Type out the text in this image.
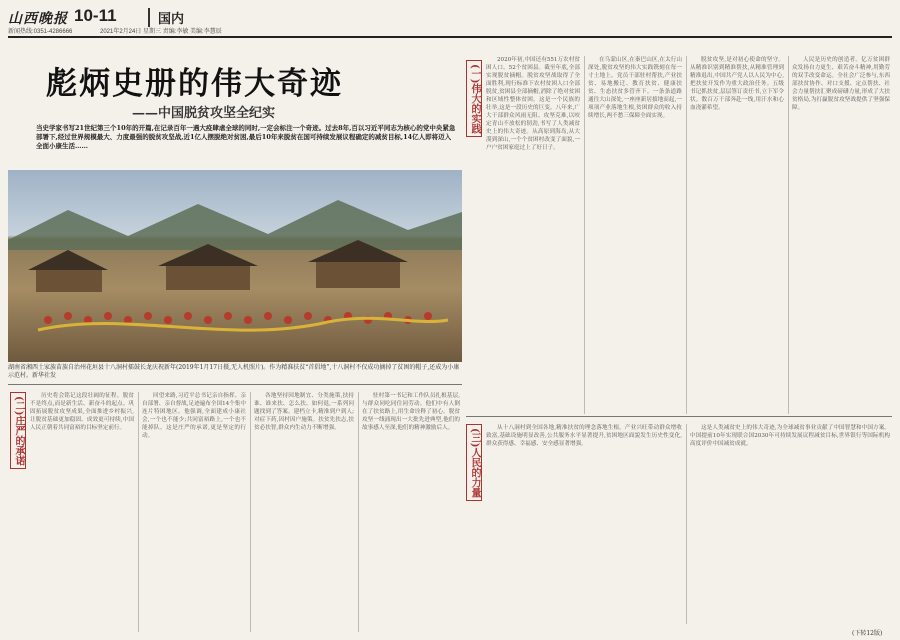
山西晚报 10-11	国内
新闻热线:0351-4286666	2021年2月24日 星期三 责编:李敏 美编:李慧辰
彪炳史册的伟大奇迹
——中国脱贫攻坚全纪实
当史学家书写21世纪第三个10年的开篇,在记录百年一遇大疫肆虐全球的同时,一定会标注一个奇迹。过去8年,百以习近平同志为核心的党中央紧急部署下,经过世界规模最大、力度最强的脱贫攻坚战,近1亿人摆脱绝对贫困,最后10年来脱贫在国可持续发展议程确定的减贫目标,14亿人即将迈入全面小康生活……
湖南省湘西土家族苗族自治州花垣县十八洞村擂鼓长龙庆祝新年(2019年1月17日摄,无人机照片)。作为精准扶贫“首倡地”,十八洞村不仅成功摘掉了贫困的帽子,还成为小康示范村。新华社发
(一)伟大的实践
(二)庄严的承诺	(三)人民的力量

2020年初,中国还有551万农村贫困人口、52个贫困县。截至年底,全部实现脱贫摘帽。脱贫攻坚战取得了全面胜利,现行标准下农村贫困人口全部脱贫,贫困县全部摘帽,消除了绝对贫困和区域性整体贫困。这是一个民族的壮举,这是一段历史的巨变。八年来,广大干部群众风雨无阻、攻坚克难,以咬定青山不放松的韧劲,书写了人类减贫史上的伟大奇迹。从高原到海岛,从大漠到深山,一个个贫困村改变了面貌,一户户贫困家庭过上了好日子。

在乌蒙山区,在秦巴山区,在太行山深处,脱贫攻坚的伟大实践镌刻在每一寸土地上。党员干部驻村帮扶,产业扶贫、易地搬迁、教育扶贫、健康扶贫、生态扶贫多管齐下。一条条道路通往大山深处,一座座新居拔地而起,一项项产业落地生根,贫困群众的收入持续增长,两不愁三保障全面实现。

脱贫攻坚,是对初心使命的坚守。从精准识别到精准帮扶,从精准管理到精准退出,中国共产党人以人民为中心,把扶贫开发作为重大政治任务。五级书记抓扶贫,层层签订责任书,立下军令状。数百万干部奔赴一线,用汗水和心血浇灌希望。

人民是历史的创造者。亿万贫困群众发扬自力更生、艰苦奋斗精神,用勤劳的双手改变命运。全社会广泛参与,东西部扶贫协作、对口支援、定点帮扶、社会力量帮扶汇聚成磅礴力量,形成了大扶贫格局,为打赢脱贫攻坚战提供了坚强保障。

历史将会铭记这段壮阔的征程。脱贫不是终点,而是新生活、新奋斗的起点。巩固拓展脱贫攻坚成果,全面推进乡村振兴,让脱贫基础更加稳固、成效更可持续,中国人民正朝着共同富裕的目标坚定前行。

回望来路,习近平总书记亲自指挥、亲自部署、亲自督战,足迹遍布全国14个集中连片特困地区。他强调,全面建成小康社会,一个也不能少;共同富裕路上,一个也不能掉队。这是庄严的承诺,更是坚定的行动。

各地坚持因地制宜、分类施策,扶持谁、谁来扶、怎么扶、如何退,一系列问题找到了答案。建档立卡,精准到户到人;对症下药,因村因户施策。扶贫先扶志,扶贫必扶智,群众内生动力不断增强。

驻村第一书记和工作队员扎根基层,与群众同吃同住同劳动。他们中有人倒在了扶贫路上,用生命诠释了初心。脱贫攻坚一线涌现出一大批先进典型,他们的故事感人至深,他们的精神激励后人。	从十八洞村到全国各地,精准扶贫的理念落地生根。产业兴旺带动群众增收致富,基础设施明显改善,公共服务水平显著提升,贫困地区面貌发生历史性变化,群众获得感、幸福感、安全感显著增强。

这是人类减贫史上的伟大奇迹,为全球减贫事业贡献了中国智慧和中国方案。中国提前10年实现联合国2030年可持续发展议程减贫目标,世界银行等国际机构高度评价中国减贫成就。

(下转12版)
